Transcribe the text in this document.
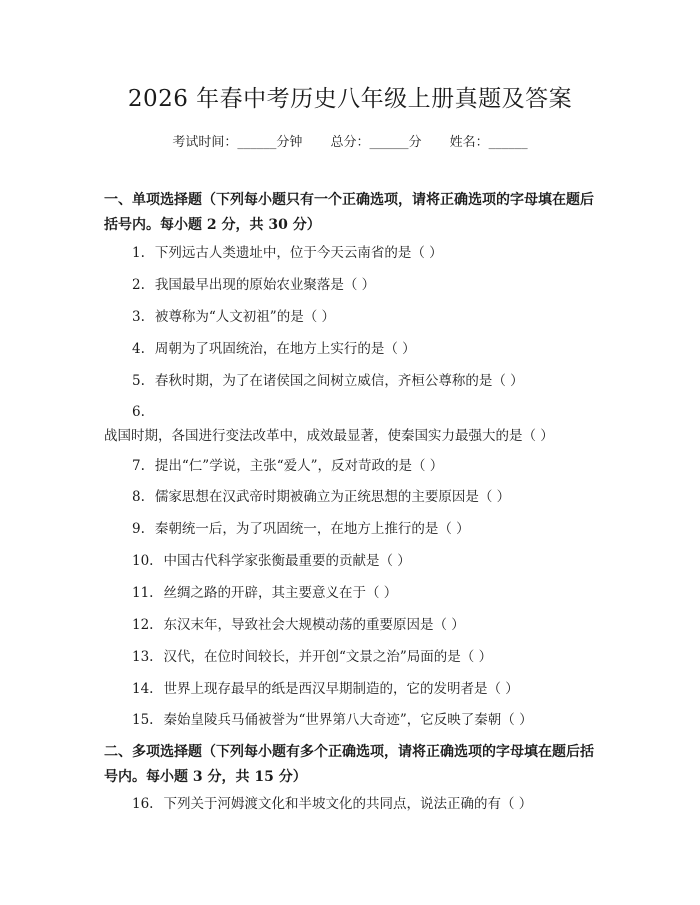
2026 年春中考历史八年级上册真题及答案
考试时间：______分钟 总分：______分 姓名：______
一、单项选择题（下列每小题只有一个正确选项，请将正确选项的字母填在题后括号内。每小题 2 分，共 30 分）
1. 下列远古人类遗址中，位于今天云南省的是（ ）
2. 我国最早出现的原始农业聚落是（ ）
3. 被尊称为“人文初祖”的是（ ）
4. 周朝为了巩固统治，在地方上实行的是（ ）
5. 春秋时期，为了在诸侯国之间树立威信，齐桓公尊称的是（ ）
6.战国时期，各国进行变法改革中，成效最显著，使秦国实力最强大的是（ ）
7. 提出“仁”学说，主张“爱人”，反对苛政的是（ ）
8. 儒家思想在汉武帝时期被确立为正统思想的主要原因是（ ）
9. 秦朝统一后，为了巩固统一，在地方上推行的是（ ）
10. 中国古代科学家张衡最重要的贡献是（ ）
11. 丝绸之路的开辟，其主要意义在于（ ）
12. 东汉末年，导致社会大规模动荡的重要原因是（ ）
13. 汉代，在位时间较长，并开创“文景之治”局面的是（ ）
14. 世界上现存最早的纸是西汉早期制造的，它的发明者是（ ）
15. 秦始皇陵兵马俑被誉为“世界第八大奇迹”，它反映了秦朝（ ）
二、多项选择题（下列每小题有多个正确选项，请将正确选项的字母填在题后括号内。每小题 3 分，共 15 分）
16. 下列关于河姆渡文化和半坡文化的共同点，说法正确的有（ ）
